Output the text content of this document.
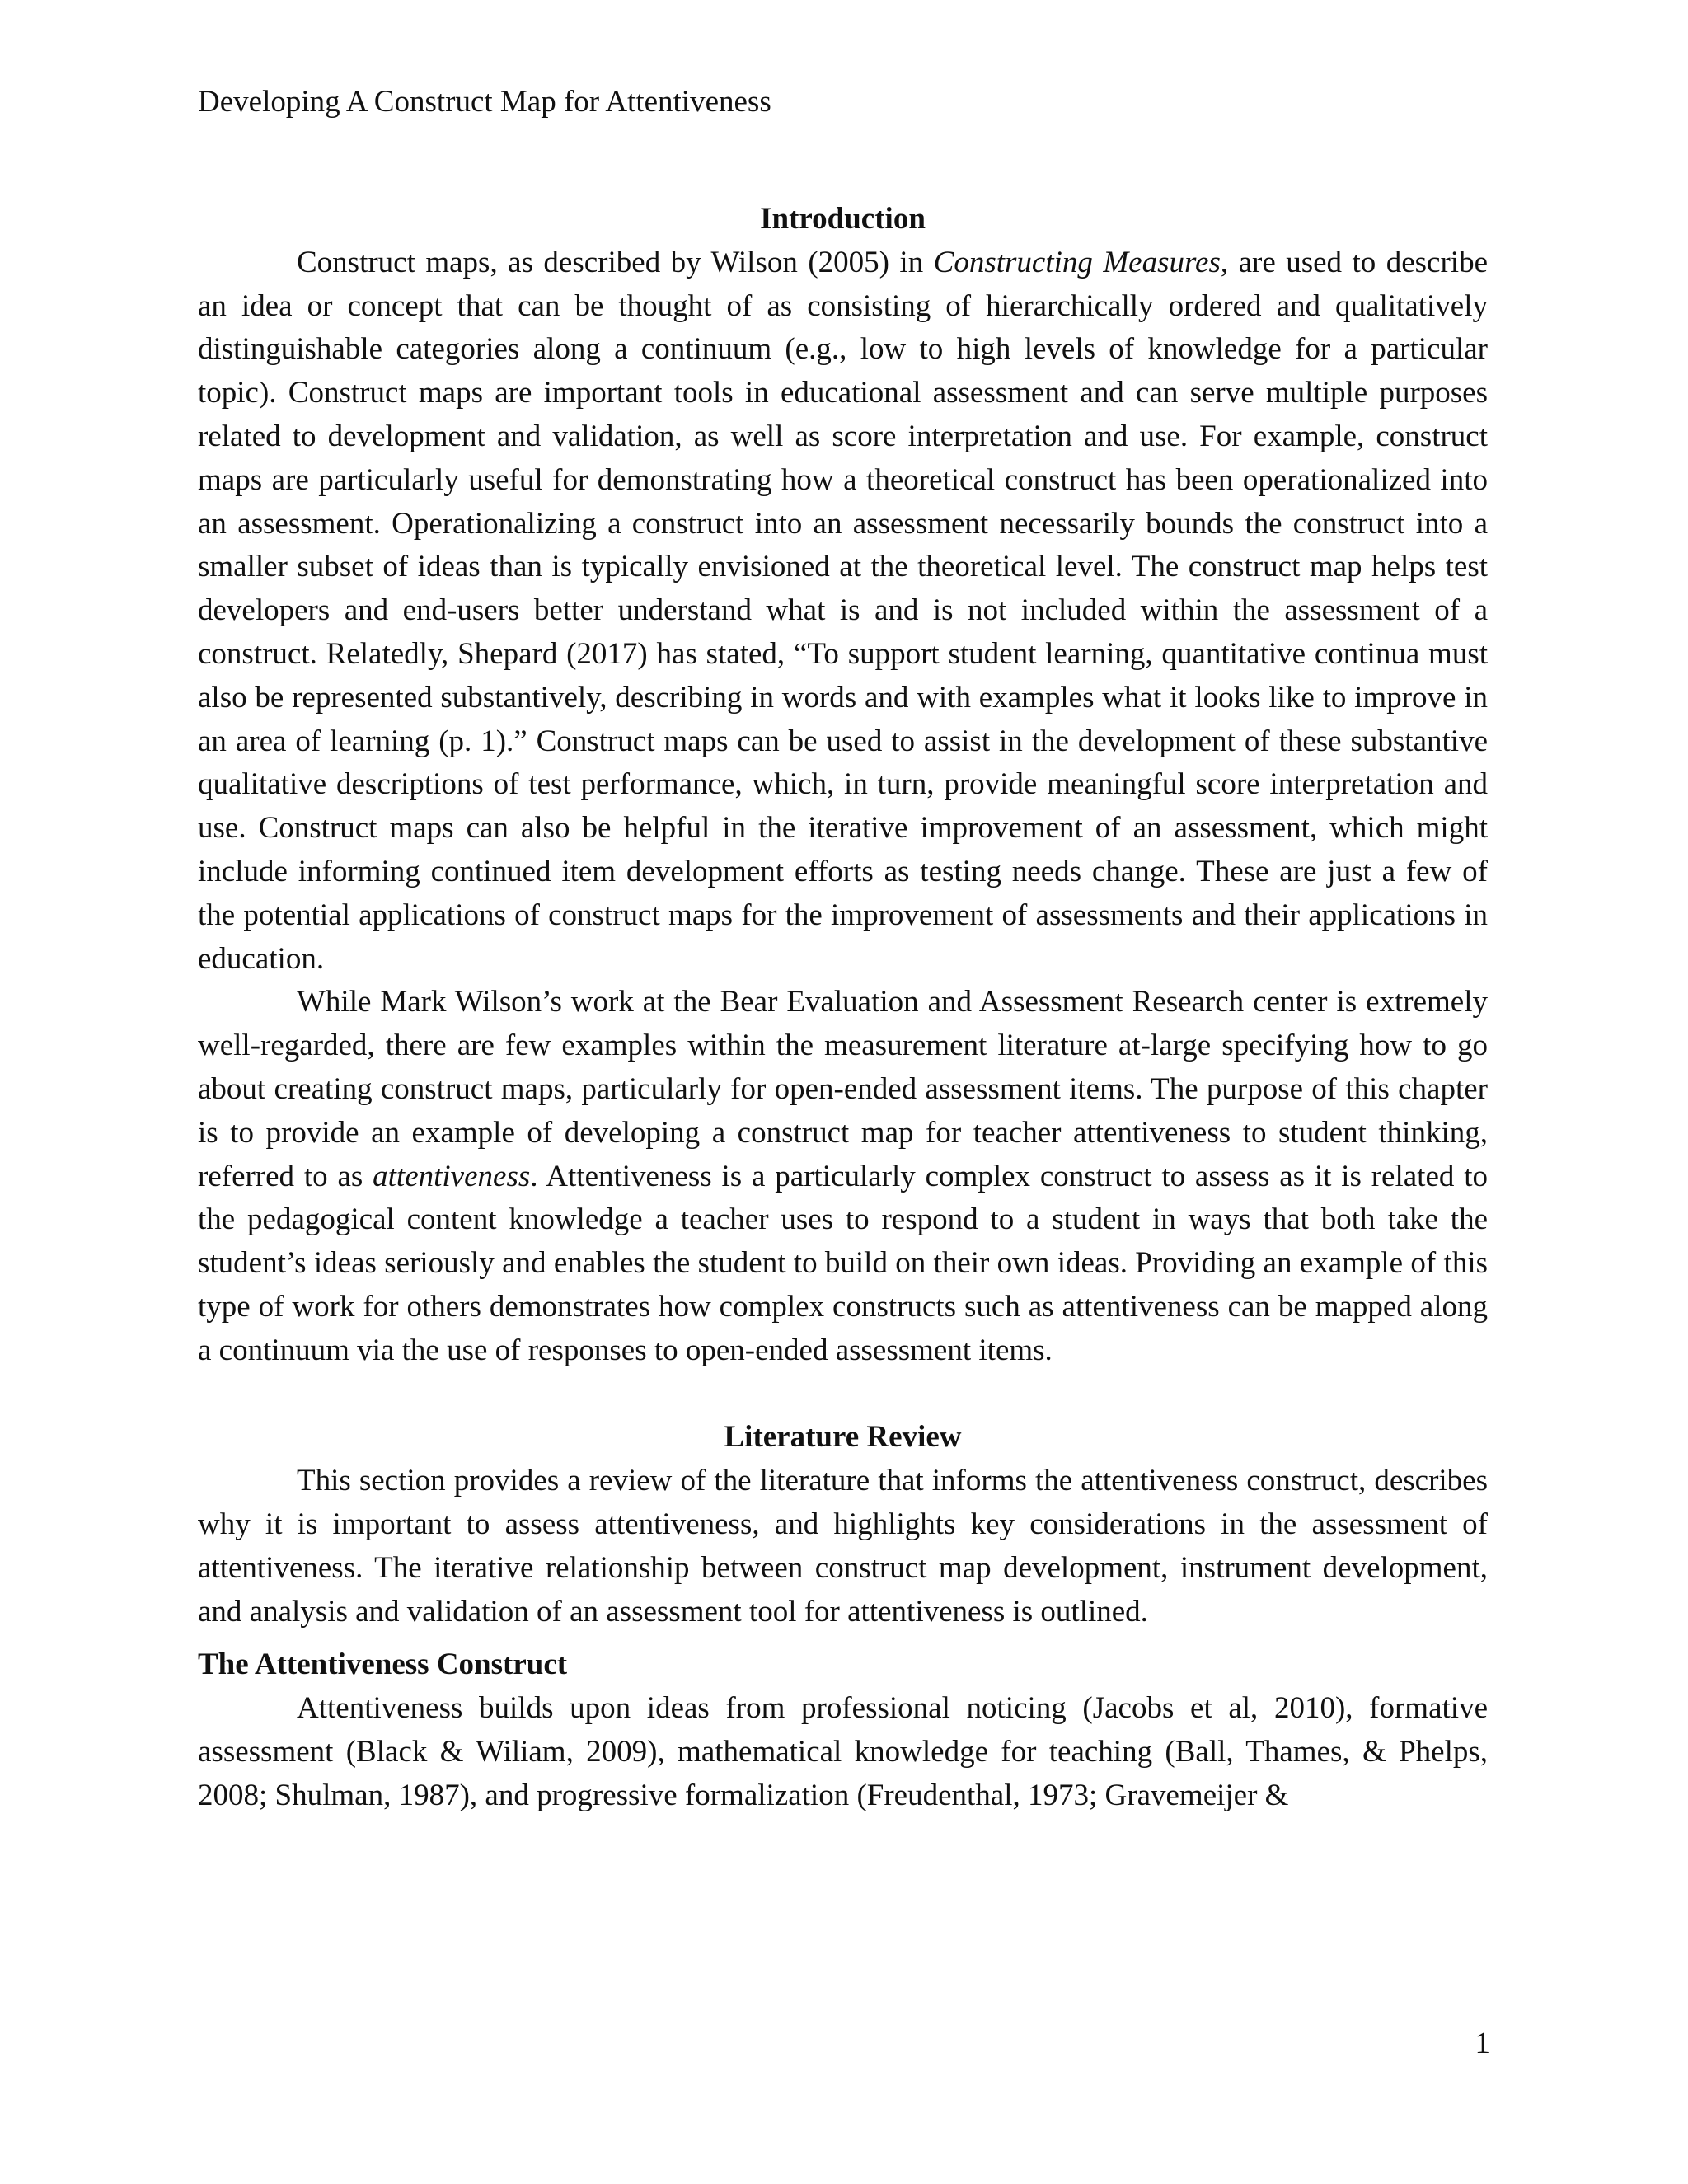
Developing A Construct Map for Attentiveness
Introduction

Construct maps, as described by Wilson (2005) in Constructing Measures, are used to describe an idea or concept that can be thought of as consisting of hierarchically ordered and qualitatively distinguishable categories along a continuum (e.g., low to high levels of knowledge for a particular topic). Construct maps are important tools in educational assessment and can serve multiple purposes related to development and validation, as well as score interpretation and use. For example, construct maps are particularly useful for demonstrating how a theoretical construct has been operationalized into an assessment. Operationalizing a construct into an assessment necessarily bounds the construct into a smaller subset of ideas than is typically envisioned at the theoretical level. The construct map helps test developers and end-users better understand what is and is not included within the assessment of a construct. Relatedly, Shepard (2017) has stated, “To support student learning, quantitative continua must also be represented substantively, describing in words and with examples what it looks like to improve in an area of learning (p. 1).” Construct maps can be used to assist in the development of these substantive qualitative descriptions of test performance, which, in turn, provide meaningful score interpretation and use. Construct maps can also be helpful in the iterative improvement of an assessment, which might include informing continued item development efforts as testing needs change. These are just a few of the potential applications of construct maps for the improvement of assessments and their applications in education.

While Mark Wilson’s work at the Bear Evaluation and Assessment Research center is extremely well-regarded, there are few examples within the measurement literature at-large specifying how to go about creating construct maps, particularly for open-ended assessment items. The purpose of this chapter is to provide an example of developing a construct map for teacher attentiveness to student thinking, referred to as attentiveness. Attentiveness is a particularly complex construct to assess as it is related to the pedagogical content knowledge a teacher uses to respond to a student in ways that both take the student’s ideas seriously and enables the student to build on their own ideas. Providing an example of this type of work for others demonstrates how complex constructs such as attentiveness can be mapped along a continuum via the use of responses to open-ended assessment items.

Literature Review

This section provides a review of the literature that informs the attentiveness construct, describes why it is important to assess attentiveness, and highlights key considerations in the assessment of attentiveness. The iterative relationship between construct map development, instrument development, and analysis and validation of an assessment tool for attentiveness is outlined.

The Attentiveness Construct

Attentiveness builds upon ideas from professional noticing (Jacobs et al, 2010), formative assessment (Black & Wiliam, 2009), mathematical knowledge for teaching (Ball, Thames, & Phelps, 2008; Shulman, 1987), and progressive formalization (Freudenthal, 1973; Gravemeijer &

1
